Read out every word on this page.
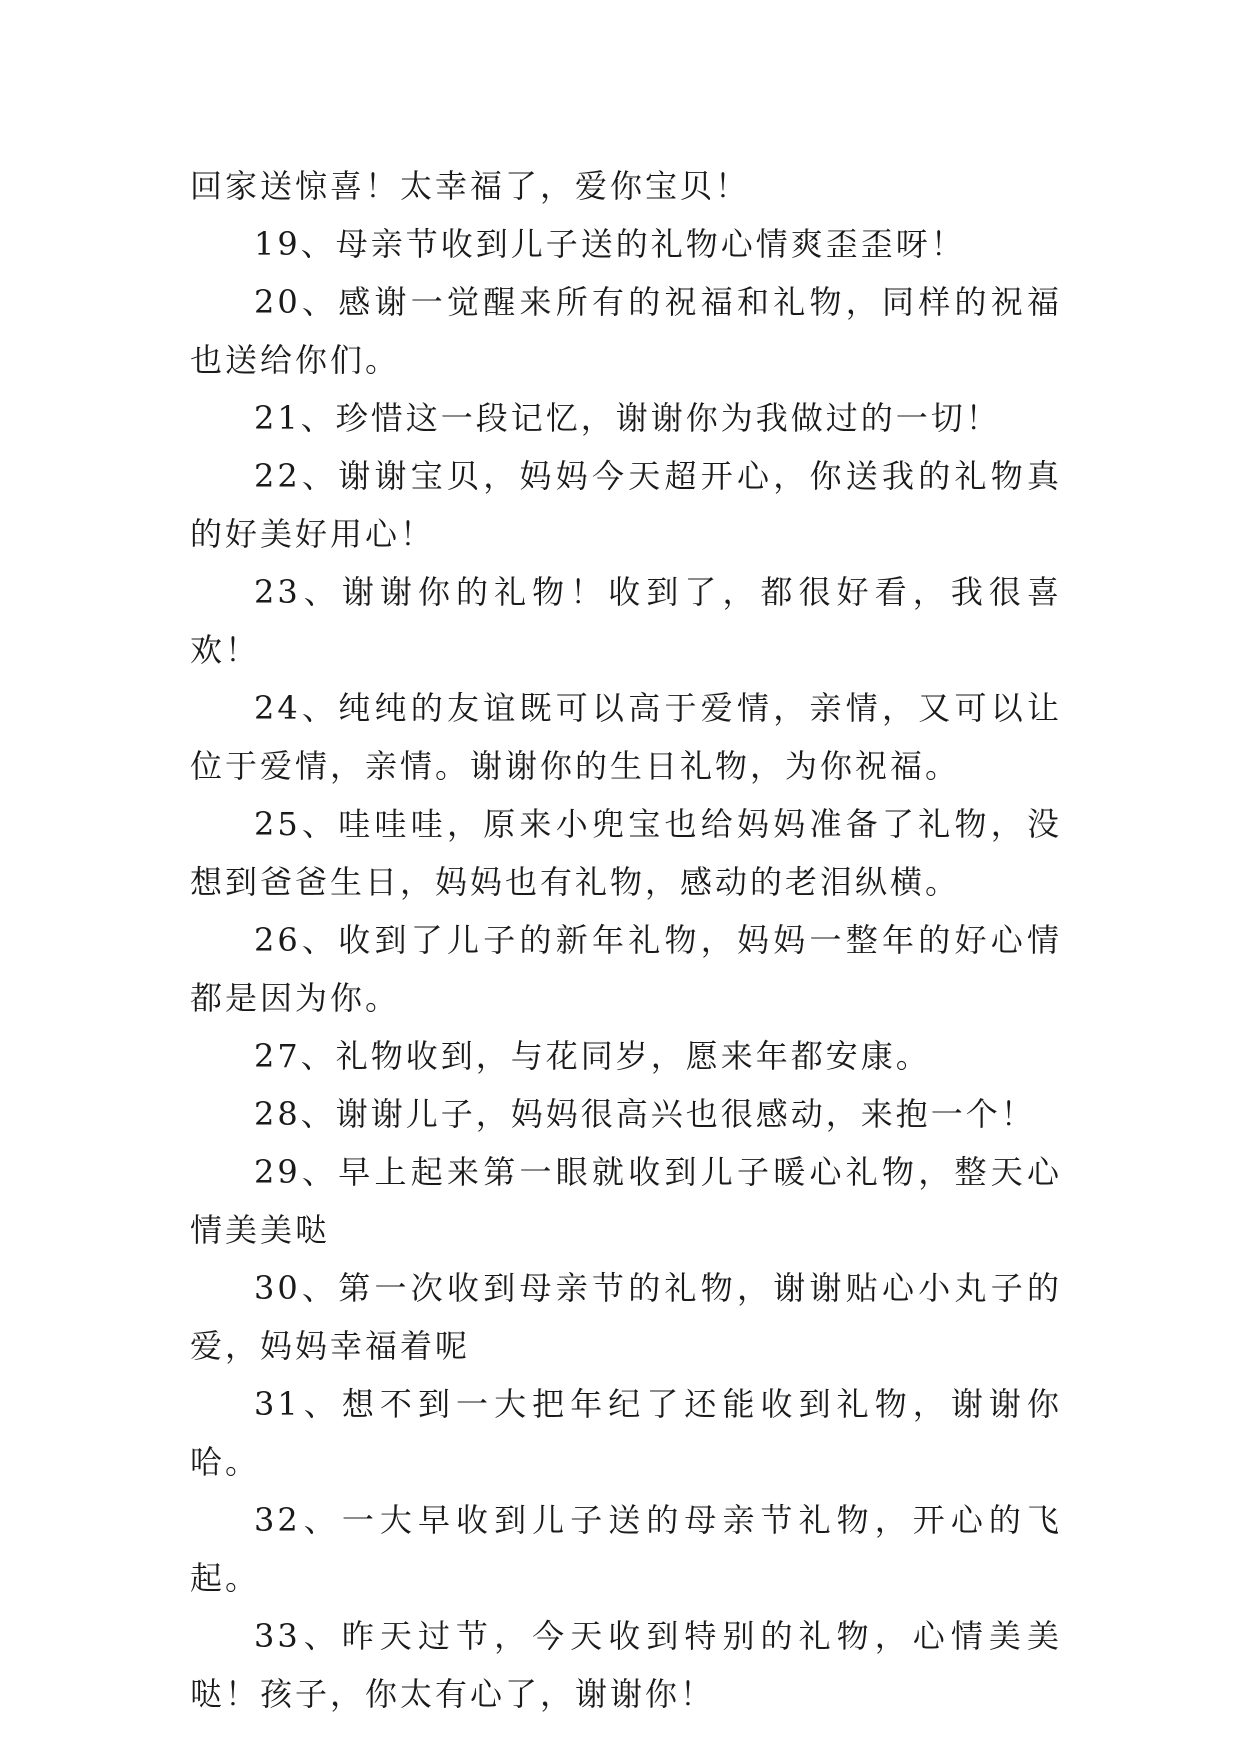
回家送惊喜！太幸福了，爱你宝贝！

19、母亲节收到儿子送的礼物心情爽歪歪呀！

20、感谢一觉醒来所有的祝福和礼物，同样的祝福也送给你们。

21、珍惜这一段记忆，谢谢你为我做过的一切！

22、谢谢宝贝，妈妈今天超开心，你送我的礼物真的好美好用心！

23、谢谢你的礼物！收到了，都很好看，我很喜欢！

24、纯纯的友谊既可以高于爱情，亲情，又可以让位于爱情，亲情。谢谢你的生日礼物，为你祝福。

25、哇哇哇，原来小兜宝也给妈妈准备了礼物，没想到爸爸生日，妈妈也有礼物，感动的老泪纵横。

26、收到了儿子的新年礼物，妈妈一整年的好心情都是因为你。

27、礼物收到，与花同岁，愿来年都安康。

28、谢谢儿子，妈妈很高兴也很感动，来抱一个！

29、早上起来第一眼就收到儿子暖心礼物，整天心情美美哒

30、第一次收到母亲节的礼物，谢谢贴心小丸子的爱，妈妈幸福着呢

31、想不到一大把年纪了还能收到礼物，谢谢你哈。

32、一大早收到儿子送的母亲节礼物，开心的飞起。

33、昨天过节，今天收到特别的礼物，心情美美哒！孩子，你太有心了，谢谢你！
